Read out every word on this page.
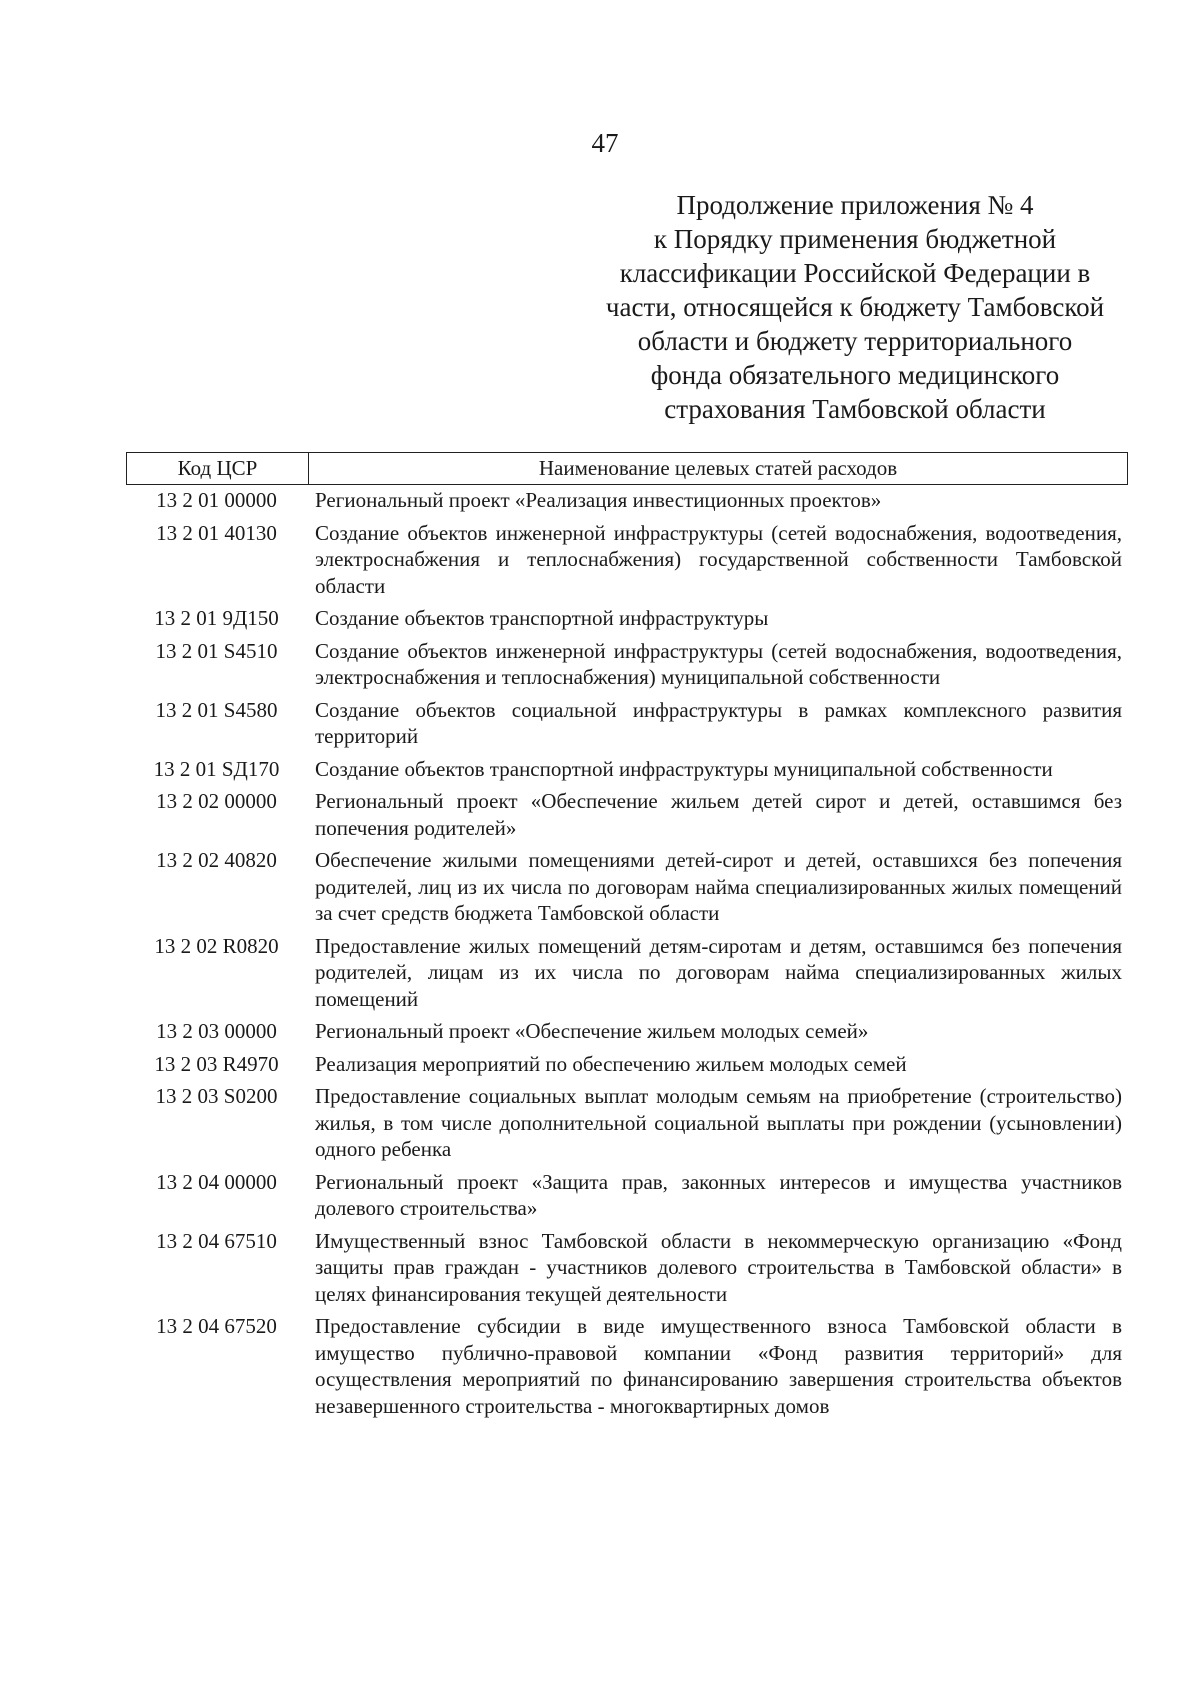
47
Продолжение приложения № 4
к Порядку применения бюджетной
классификации Российской Федерации в
части, относящейся к бюджету Тамбовской
области и бюджету территориального
фонда обязательного медицинского
страхования Тамбовской области
Код ЦСР	Наименование целевых статей расходов
13 2 01 00000	Региональный проект «Реализация инвестиционных проектов»
13 2 01 40130	Создание объектов инженерной инфраструктуры (сетей водоснабжения, водоотведения, электроснабжения и теплоснабжения) государственной собственности Тамбовской области
13 2 01 9Д150	Создание объектов транспортной инфраструктуры
13 2 01 S4510	Создание объектов инженерной инфраструктуры (сетей водоснабжения, водоотведения, электроснабжения и теплоснабжения) муниципальной собственности
13 2 01 S4580	Создание объектов социальной инфраструктуры в рамках комплексного развития территорий
13 2 01 SД170	Создание объектов транспортной инфраструктуры муниципальной собственности
13 2 02 00000	Региональный проект «Обеспечение жильем детей сирот и детей, оставшимся без попечения родителей»
13 2 02 40820	Обеспечение жилыми помещениями детей-сирот и детей, оставшихся без попечения родителей, лиц из их числа по договорам найма специализированных жилых помещений за счет средств бюджета Тамбовской области
13 2 02 R0820	Предоставление жилых помещений детям-сиротам и детям, оставшимся без попечения родителей, лицам из их числа по договорам найма специализированных жилых помещений
13 2 03 00000	Региональный проект «Обеспечение жильем молодых семей»
13 2 03 R4970	Реализация мероприятий по обеспечению жильем молодых семей
13 2 03 S0200	Предоставление социальных выплат молодым семьям на приобретение (строительство) жилья, в том числе дополнительной социальной выплаты при рождении (усыновлении) одного ребенка
13 2 04 00000	Региональный проект «Защита прав, законных интересов и имущества участников долевого строительства»
13 2 04 67510	Имущественный взнос Тамбовской области в некоммерческую организацию «Фонд защиты прав граждан - участников долевого строительства в Тамбовской области» в целях финансирования текущей деятельности
13 2 04 67520	Предоставление субсидии в виде имущественного взноса Тамбовской области в имущество публично-правовой компании «Фонд развития территорий» для осуществления мероприятий по финансированию завершения строительства объектов незавершенного строительства - многоквартирных домов
